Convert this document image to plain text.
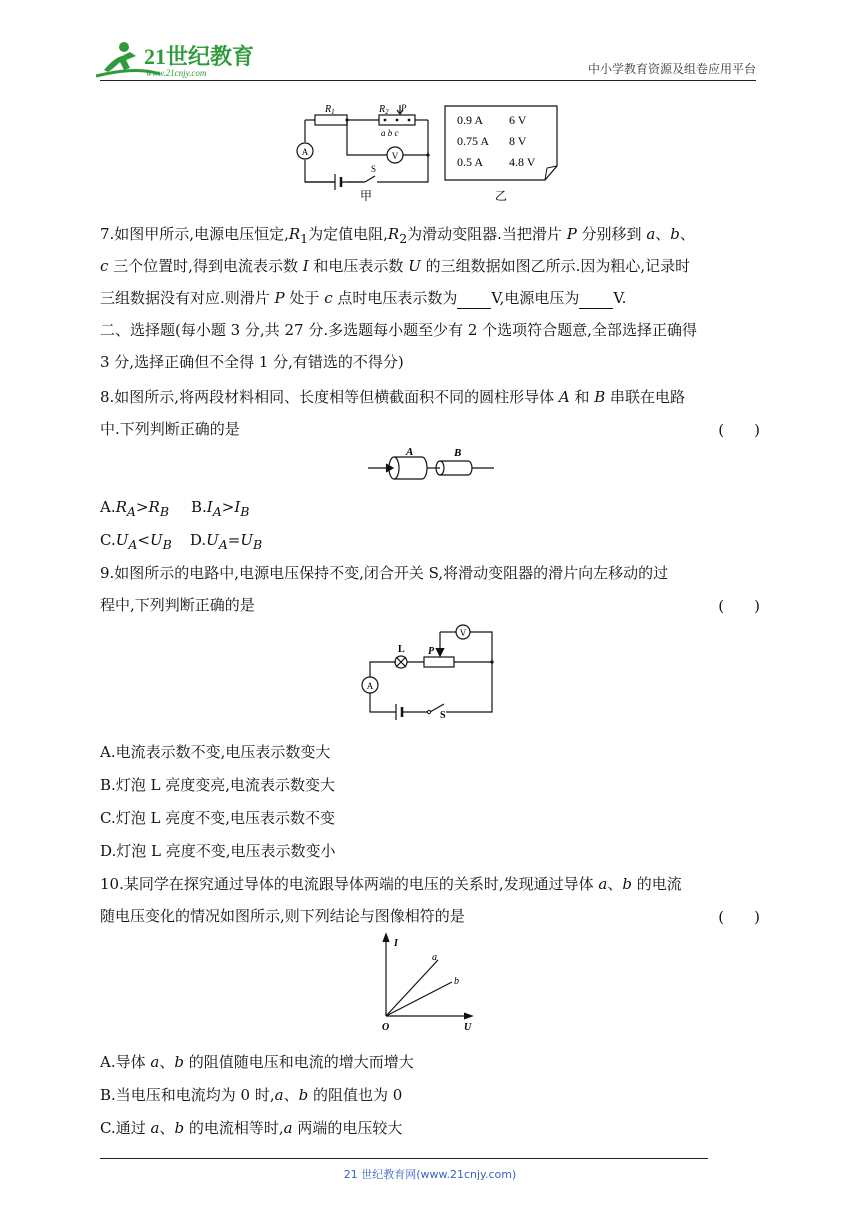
21世纪教育
www.21cnjy.com	中小学教育资源及组卷应用平台
A	V
$R_1$	$R_2$ P
a b c
S
甲
0.9 A 6 V
0.75 A 8 V
0.5 A 4.8 V
乙
7.如图甲所示,电源电压恒定$,R_1$为定值电阻$,R_2$为滑动变阻器.当把滑片 P 分别移到 a、b、
c 三个位置时,得到电流表示数 I 和电压表示数 U 的三组数据如图乙所示.因为粗心,记录时
三组数据没有对应.则滑片 P 处于 c 点时电压表示数为 V,电源电压为 V.
二、选择题(每小题 3 分,共 27 分.多选题每小题至少有 2 个选项符合题意,全部选择正确得
3 分,选择正确但不全得 1 分,有错选的不得分)
8.如图所示,将两段材料相同、长度相等但横截面积不同的圆柱形导体 A 和 B 串联在电路
中.下列判断正确的是	(　　)
A	B
$A.R_A>R_B$ $B.I_A>I_B$
$C.U_A<U_B$ $D.U_A=U_B$
9.如图所示的电路中,电源电压保持不变,闭合开关 S,将滑动变阻器的滑片向左移动的过
程中,下列判断正确的是	(　　)
A
V
L P
S
A.电流表示数不变,电压表示数变大
B.灯泡 L 亮度变亮,电流表示数变大
C.灯泡 L 亮度不变,电压表示数不变
D.灯泡 L 亮度不变,电压表示数变小
10.某同学在探究通过导体的电流跟导体两端的电压的关系时,发现通过导体 a、b 的电流
随电压变化的情况如图所示,则下列结论与图像相符的是	(　　)
I
U
O
a
b
A.导体 a、b 的阻值随电压和电流的增大而增大
B.当电压和电流均为 0 时,a、b 的阻值也为 0
C.通过 a、b 的电流相等时,a 两端的电压较大
21 世纪教育网(www.21cnjy.com)
